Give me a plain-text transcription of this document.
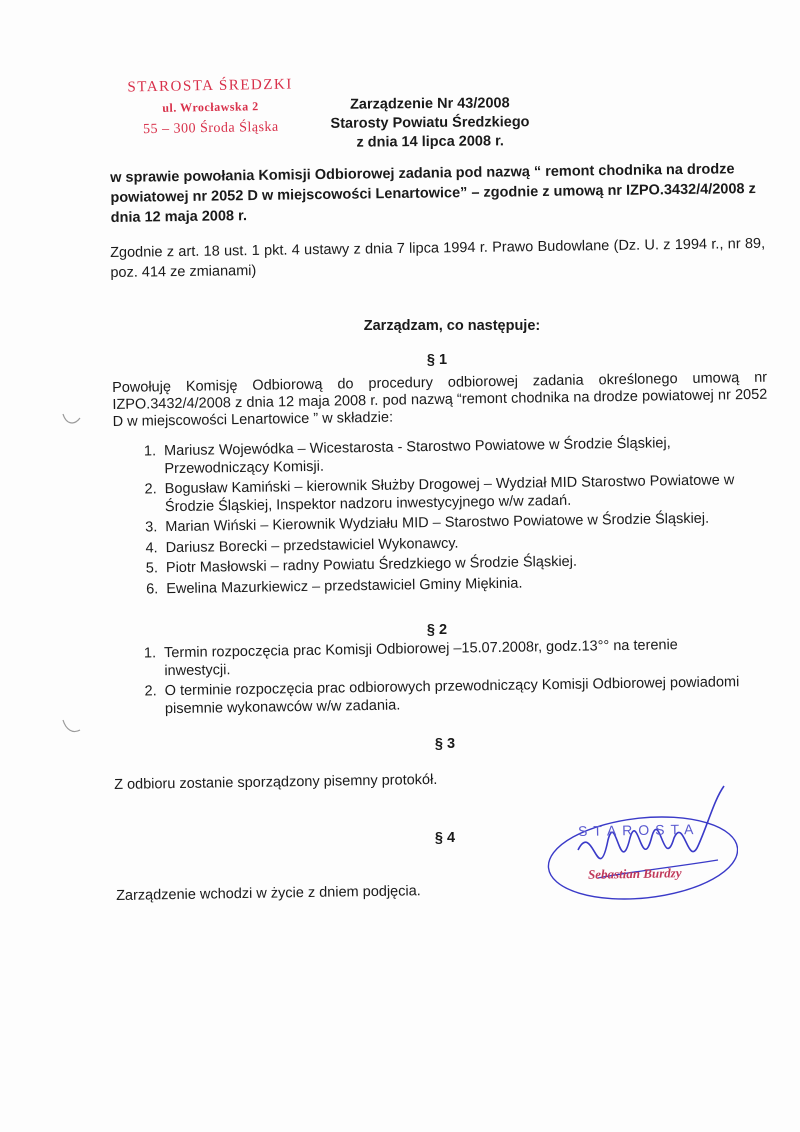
STAROSTA ŚREDZKI
ul. Wrocławska 2
55 – 300 Środa Śląska
Zarządzenie Nr 43/2008
Starosty Powiatu Średzkiego
z dnia 14 lipca 2008 r.
w sprawie powołania Komisji Odbiorowej zadania pod nazwą “ remont chodnika na drodze powiatowej nr 2052 D w miejscowości Lenartowice” – zgodnie z umową nr IZPO.3432/4/2008 z dnia 12 maja 2008 r.
Zgodnie z art. 18 ust. 1 pkt. 4 ustawy z dnia 7 lipca 1994 r. Prawo Budowlane (Dz. U. z 1994 r., nr 89, poz. 414 ze zmianami)
Zarządzam, co następuje:
§ 1
Powołuję Komisję Odbiorową do procedury odbiorowej zadania określonego umową nr IZPO.3432/4/2008 z dnia 12 maja 2008 r. pod nazwą “remont chodnika na drodze powiatowej nr 2052 D w miejscowości Lenartowice ” w składzie:
1. Mariusz Wojewódka – Wicestarosta - Starostwo Powiatowe w Środzie Śląskiej, Przewodniczący Komisji.
2. Bogusław Kamiński – kierownik Służby Drogowej – Wydział MID Starostwo Powiatowe w Środzie Śląskiej, Inspektor nadzoru inwestycyjnego w/w zadań.
3. Marian Wiński – Kierownik Wydziału MID – Starostwo Powiatowe w Środzie Śląskiej.
4. Dariusz Borecki – przedstawiciel Wykonawcy.
5. Piotr Masłowski – radny Powiatu Średzkiego w Środzie Śląskiej.
6. Ewelina Mazurkiewicz – przedstawiciel Gminy Miękinia.
§ 2
1. Termin rozpoczęcia prac Komisji Odbiorowej –15.07.2008r, godz.13°° na terenie inwestycji.
2. O terminie rozpoczęcia prac odbiorowych przewodniczący Komisji Odbiorowej powiadomi pisemnie wykonawców w/w zadania.
§ 3
Z odbioru zostanie sporządzony pisemny protokół.
§ 4
Zarządzenie wchodzi w życie z dniem podjęcia.
STAROSTA
Sebastian Burdzy
